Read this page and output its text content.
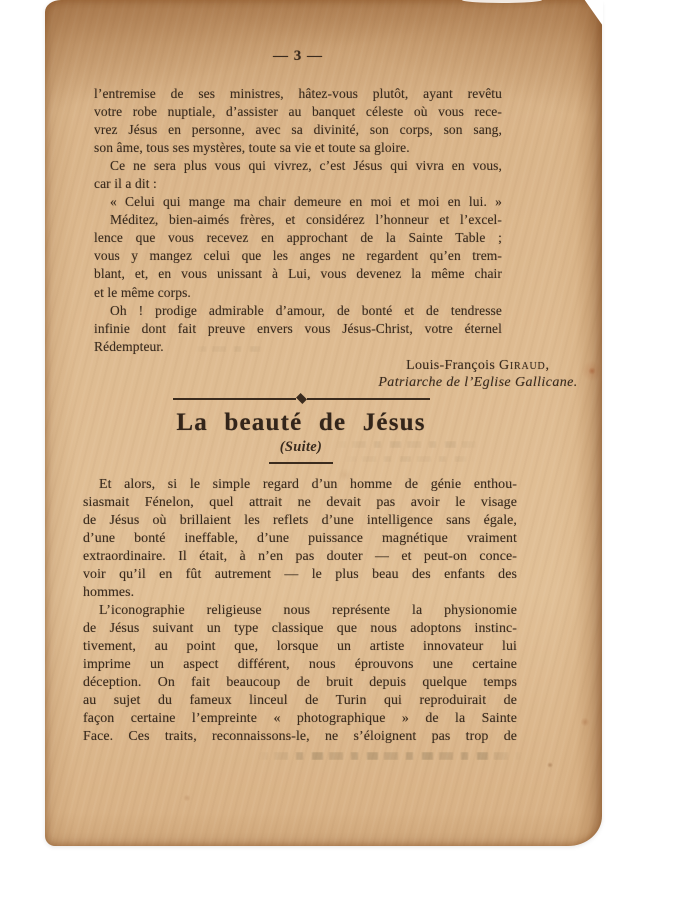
— 3 —
l’entremise de ses ministres, hâtez-vous plutôt, ayant revêtu
votre robe nuptiale, d’assister au banquet céleste où vous rece-
vrez Jésus en personne, avec sa divinité, son corps, son sang,
son âme, tous ses mystères, toute sa vie et toute sa gloire.
Ce ne sera plus vous qui vivrez, c’est Jésus qui vivra en vous,
car il a dit :
« Celui qui mange ma chair demeure en moi et moi en lui. »
Méditez, bien-aimés frères, et considérez l’honneur et l’excel-
lence que vous recevez en approchant de la Sainte Table ;
vous y mangez celui que les anges ne regardent qu’en trem-
blant, et, en vous unissant à Lui, vous devenez la même chair
et le même corps.
Oh ! prodige admirable d’amour, de bonté et de tendresse
infinie dont fait preuve envers vous Jésus-Christ, votre éternel
Rédempteur.
Louis-François Giraud,
Patriarche de l’Eglise Gallicane.
La beauté de Jésus
(Suite)
Et alors, si le simple regard d’un homme de génie enthou-
siasmait Fénelon, quel attrait ne devait pas avoir le visage
de Jésus où brillaient les reflets d’une intelligence sans égale,
d’une bonté ineffable, d’une puissance magnétique vraiment
extraordinaire. Il était, à n’en pas douter — et peut-on conce-
voir qu’il en fût autrement — le plus beau des enfants des
hommes.
L’iconographie religieuse nous représente la physionomie
de Jésus suivant un type classique que nous adoptons instinc-
tivement, au point que, lorsque un artiste innovateur lui
imprime un aspect différent, nous éprouvons une certaine
déception. On fait beaucoup de bruit depuis quelque temps
au sujet du fameux linceul de Turin qui reproduirait de
façon certaine l’empreinte « photographique » de la Sainte
Face. Ces traits, reconnaissons-le, ne s’éloignent pas trop de
